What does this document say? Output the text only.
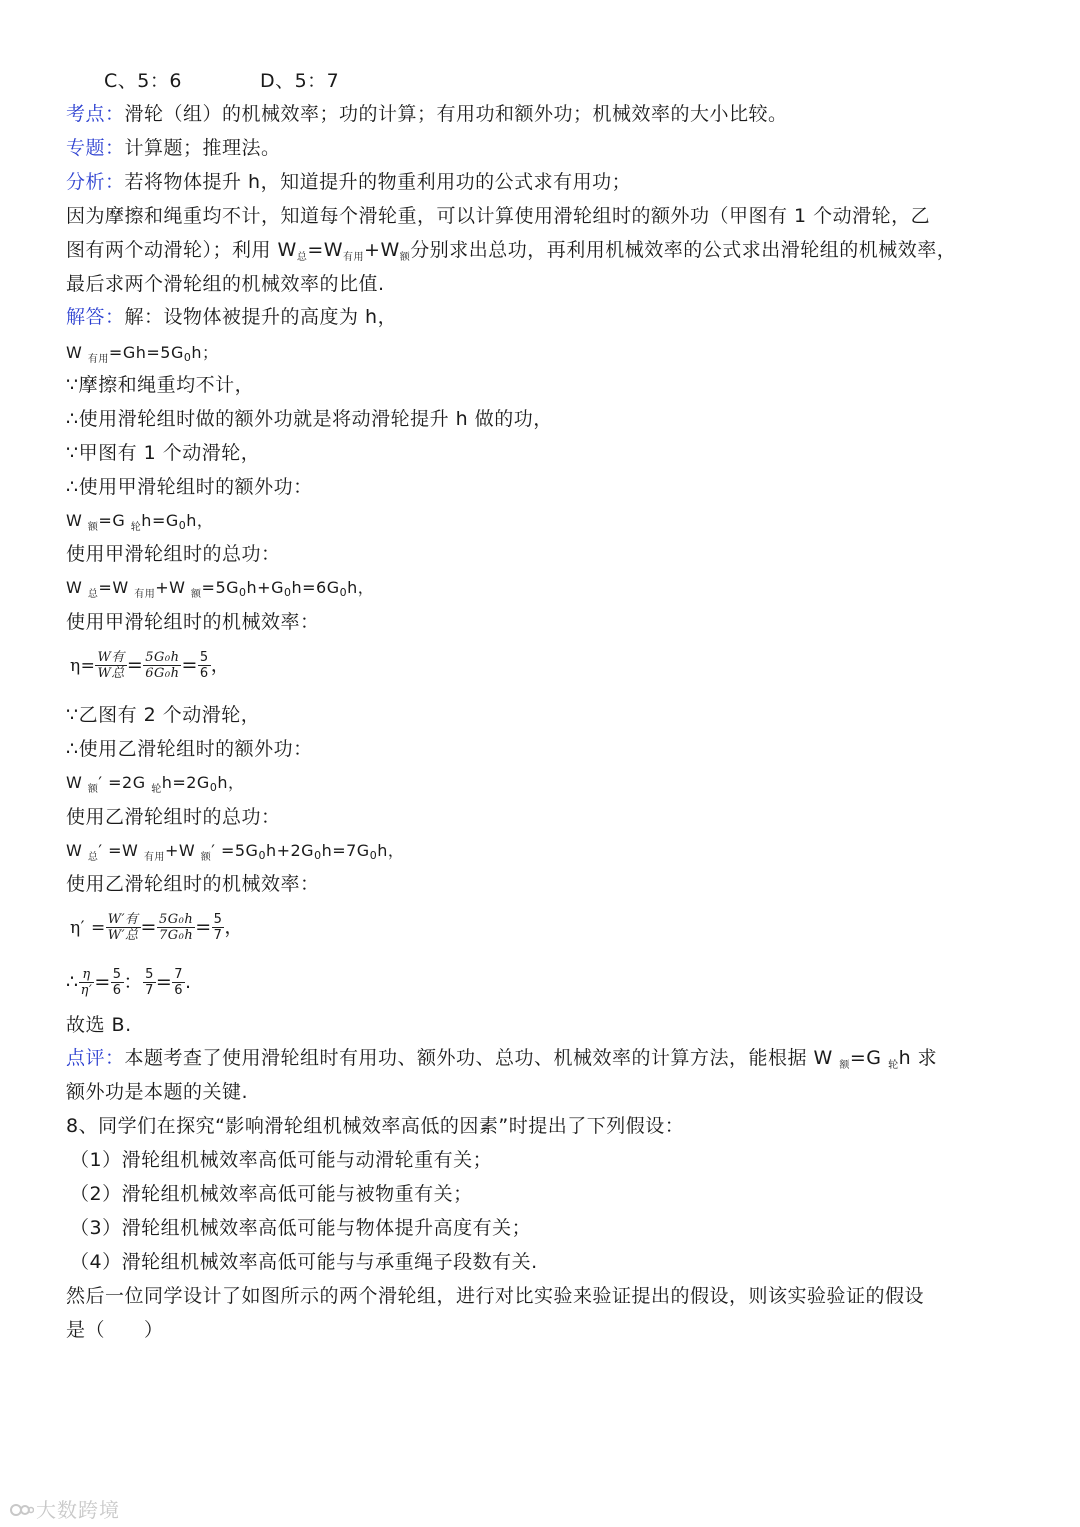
C、5：6	D、5：7
考点：滑轮（组）的机械效率；功的计算；有用功和额外功；机械效率的大小比较。
专题：计算题；推理法。
分析：若将物体提升 h，知道提升的物重利用功的公式求有用功；
因为摩擦和绳重均不计，知道每个滑轮重，可以计算使用滑轮组时的额外功（甲图有 1 个动滑轮，乙
图有两个动滑轮）；利用 $W_总=W_{有用}+W_额$分别求出总功，再利用机械效率的公式求出滑轮组的机械效率，
最后求两个滑轮组的机械效率的比值.
解答：解：设物体被提升的高度为 h，
W $_{有用}$=Gh=5G0h；
∵摩擦和绳重均不计，
∴使用滑轮组时做的额外功就是将动滑轮提升 h 做的功，
∵甲图有 1 个动滑轮，
∴使用甲滑轮组时的额外功：
W $_额$=G $_轮$h=G0h，
使用甲滑轮组时的总功：
W $_总$=W $_{有用}$+W $_额$=5G0h+G0h=6G0h，
使用甲滑轮组时的机械效率：
$\eta= \frac{\text{W有}}{\text{W总}} = \frac{\text{5G₀h}}{\text{6G₀h}} = \frac{5}{6}$ ，
∵乙图有 2 个动滑轮，
∴使用乙滑轮组时的额外功：
W $_额$′ =2G $_轮$h=2G0h，
使用乙滑轮组时的总功：
W $_总$′ =W $_{有用}$+W $_额$′ =5G0h+2G0h=7G0h，
使用乙滑轮组时的机械效率：
$\eta' = \frac{\text{W′有}}{\text{W′总}} = \frac{\text{5G₀h}}{\text{7G₀h}} = \frac{5}{7}$ ，
∴ $\frac{\eta}{\eta'} = \frac{5}{6}$ ： $\frac{5}{7} = \frac{7}{6}$ .
故选 B.
点评：本题考查了使用滑轮组时有用功、额外功、总功、机械效率的计算方法，能根据 W $_额$=G $_轮$h 求
额外功是本题的关键.
8、同学们在探究“影响滑轮组机械效率高低的因素”时提出了下列假设：
（1）滑轮组机械效率高低可能与动滑轮重有关；
（2）滑轮组机械效率高低可能与被物重有关；
（3）滑轮组机械效率高低可能与物体提升高度有关；
（4）滑轮组机械效率高低可能与与承重绳子段数有关.
然后一位同学设计了如图所示的两个滑轮组，进行对比实验来验证提出的假设，则该实验验证的假设
是（　　）
大数跨境
